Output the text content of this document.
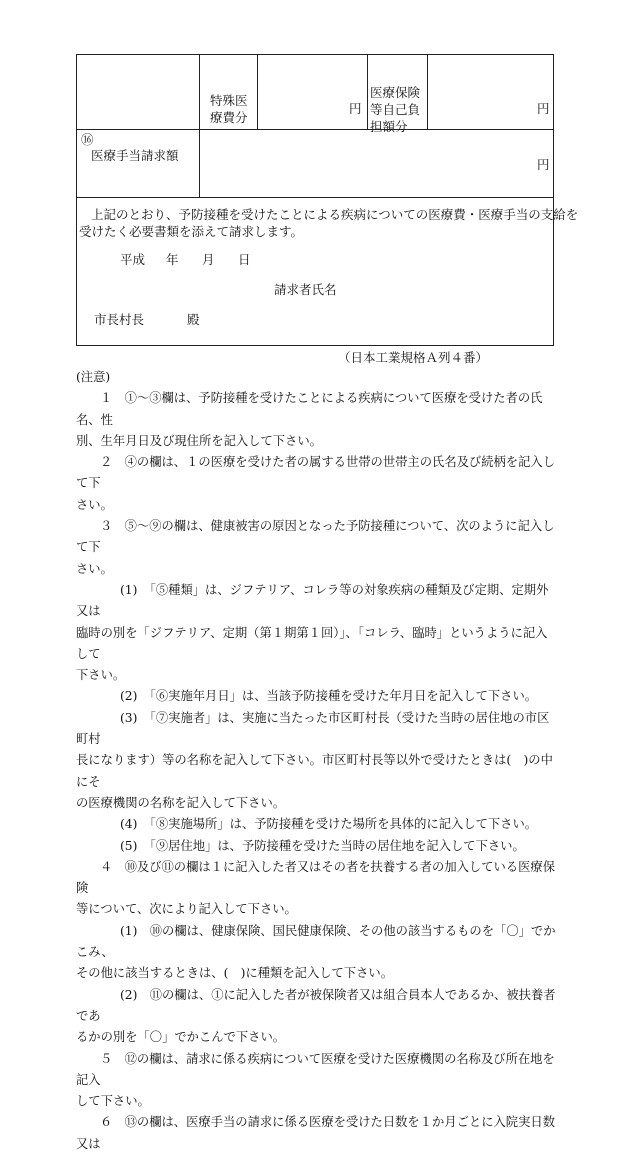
特殊医
療費分
円
医療保険
等自己負
担額分
円
⑯
医療手当請求額
円
上記のとおり、予防接種を受けたことによる疾病についての医療費・医療手当の支給を
受けたく必要書類を添えて請求します。
平成 年 月 日
請求者氏名
市長村長	殿
（日本工業規格Ａ列４番）

(注意)

１　①～③欄は、予防接種を受けたことによる疾病について医療を受けた者の氏名、性

別、生年月日及び現住所を記入して下さい。

２　④の欄は、１の医療を受けた者の属する世帯の世帯主の氏名及び続柄を記入して下

さい。

３　⑤～⑨の欄は、健康被害の原因となった予防接種について、次のように記入して下

さい。

(1)　「⑤種類」は、ジフテリア、コレラ等の対象疾病の種類及び定期、定期外又は

臨時の別を「ジフテリア、定期（第１期第１回）」、「コレラ、臨時」というように記入して

下さい。

(2)　「⑥実施年月日」は、当該予防接種を受けた年月日を記入して下さい。

(3)　「⑦実施者」は、実施に当たった市区町村長（受けた当時の居住地の市区町村

長になります）等の名称を記入して下さい。市区町村長等以外で受けたときは(　)の中にそ

の医療機関の名称を記入して下さい。

(4)　「⑧実施場所」は、予防接種を受けた場所を具体的に記入して下さい。

(5)　「⑨居住地」は、予防接種を受けた当時の居住地を記入して下さい。

４　⑩及び⑪の欄は１に記入した者又はその者を扶養する者の加入している医療保険

等について、次により記入して下さい。

(1)　⑩の欄は、健康保険、国民健康保険、その他の該当するものを「〇」でかこみ、

その他に該当するときは、(　)に種類を記入して下さい。

(2)　⑪の欄は、①に記入した者が被保険者又は組合員本人であるか、被扶養者であ

るかの別を「〇」でかこんで下さい。

５　⑫の欄は、請求に係る疾病について医療を受けた医療機関の名称及び所在地を記入

して下さい。

６　⑬の欄は、医療手当の請求に係る医療を受けた日数を１か月ごとに入院実日数又は
